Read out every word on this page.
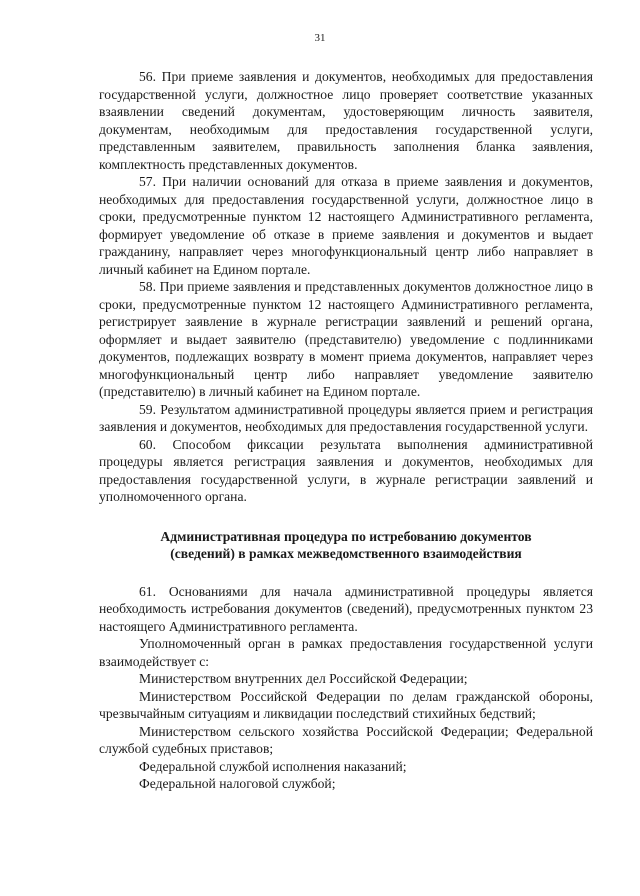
31

56. При приеме заявления и документов, необходимых для предоставления государственной услуги, должностное лицо проверяет соответствие указанных взаявлении сведений документам, удостоверяющим личность заявителя, документам, необходимым для предоставления государственной услуги, представленным заявителем, правильность заполнения бланка заявления, комплектность представленных документов.

57. При наличии оснований для отказа в приеме заявления и документов, необходимых для предоставления государственной услуги, должностное лицо в сроки, предусмотренные пунктом 12 настоящего Административного регламента, формирует уведомление об отказе в приеме заявления и документов и выдает гражданину, направляет через многофункциональный центр либо направляет в личный кабинет на Едином портале.

58. При приеме заявления и представленных документов должностное лицо в сроки, предусмотренные пунктом 12 настоящего Административного регламента, регистрирует заявление в журнале регистрации заявлений и решений органа, оформляет и выдает заявителю (представителю) уведомление с подлинниками документов, подлежащих возврату в момент приема документов, направляет через многофункциональный центр либо направляет уведомление заявителю (представителю) в личный кабинет на Едином портале.

59. Результатом административной процедуры является прием и регистрация заявления и документов, необходимых для предоставления государственной услуги.

60. Способом фиксации результата выполнения административной процедуры является регистрация заявления и документов, необходимых для предоставления государственной услуги, в журнале регистрации заявлений и уполномоченного органа.

Административная процедура по истребованию документов
(сведений) в рамках межведомственного взаимодействия

61. Основаниями для начала административной процедуры является необходимость истребования документов (сведений), предусмотренных пунктом 23 настоящего Административного регламента.

Уполномоченный орган в рамках предоставления государственной услуги взаимодействует с:

Министерством внутренних дел Российской Федерации;

Министерством Российской Федерации по делам гражданской обороны, чрезвычайным ситуациям и ликвидации последствий стихийных бедствий;

Министерством сельского хозяйства Российской Федерации; Федеральной службой судебных приставов;

Федеральной службой исполнения наказаний;

Федеральной налоговой службой;
